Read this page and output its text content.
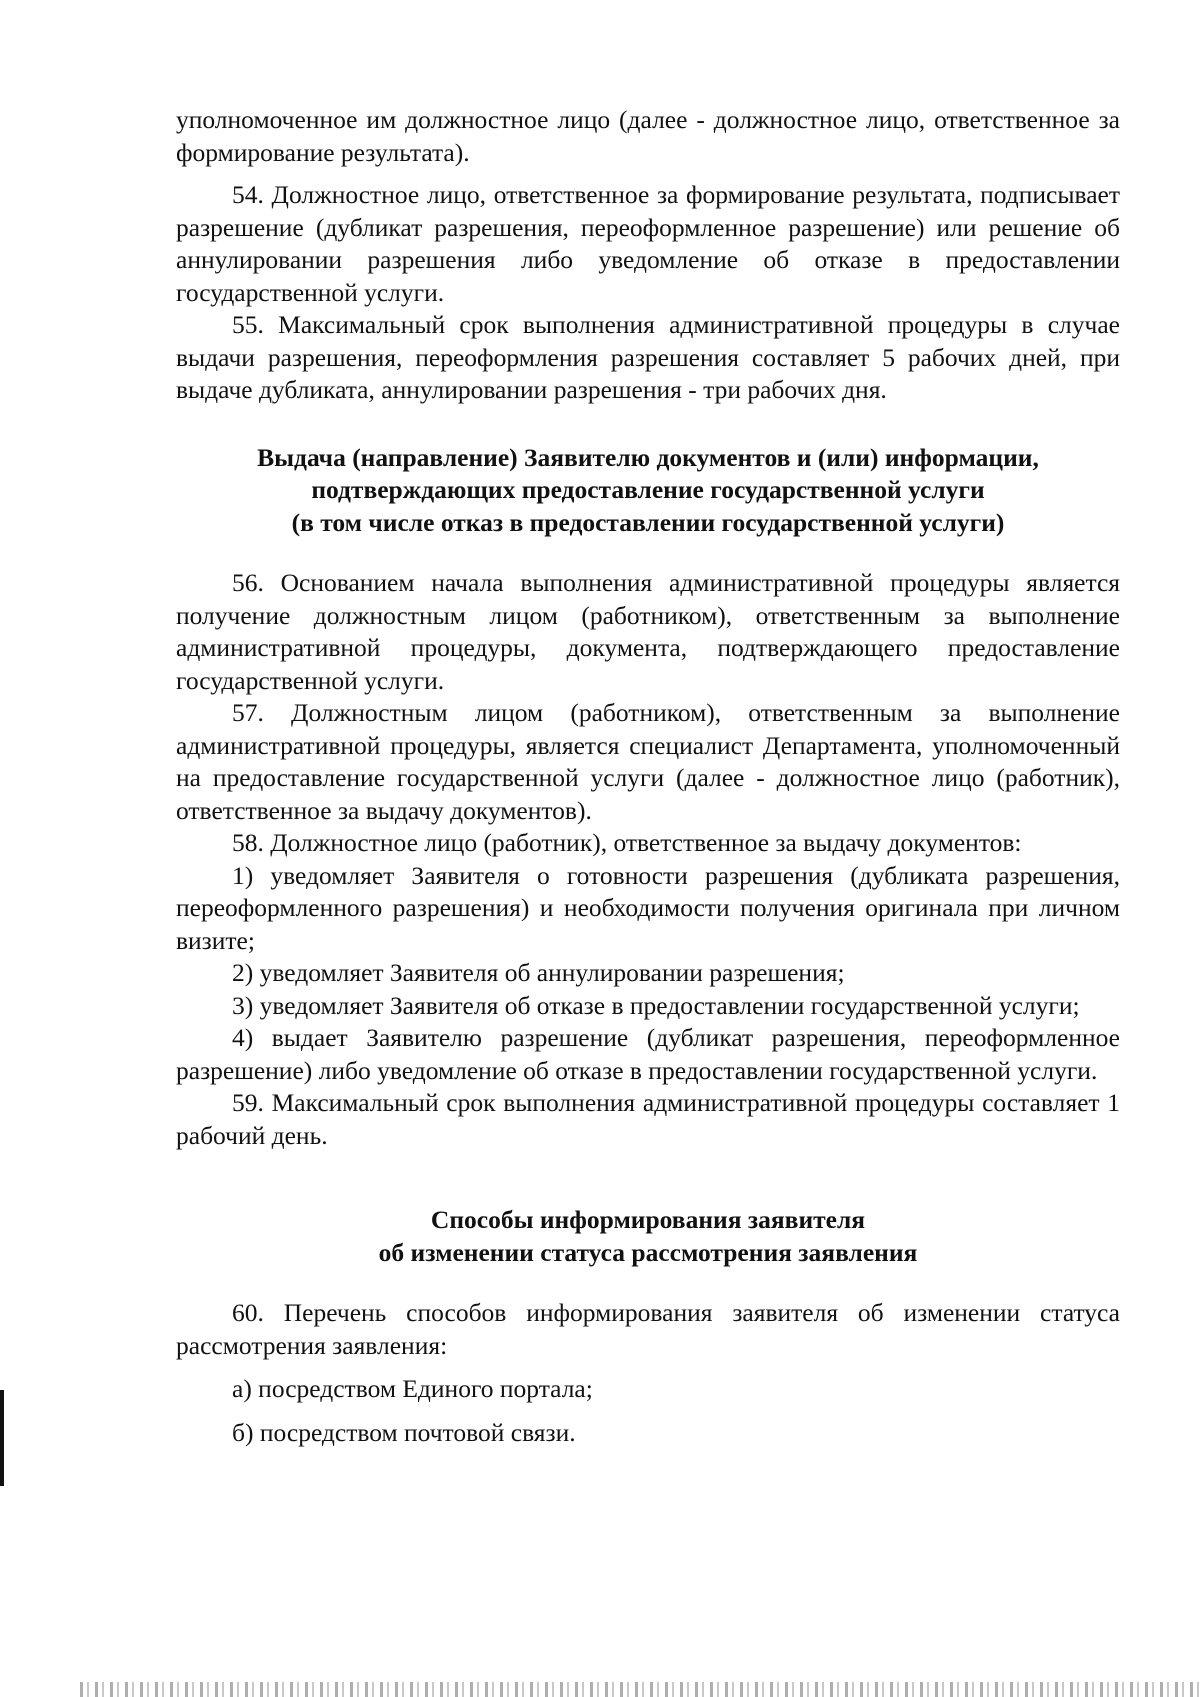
уполномоченное им должностное лицо (далее - должностное лицо, ответственное за формирование результата).

54. Должностное лицо, ответственное за формирование результата, подписывает разрешение (дубликат разрешения, переоформленное разрешение) или решение об аннулировании разрешения либо уведомление об отказе в предоставлении государственной услуги.

55. Максимальный срок выполнения административной процедуры в случае выдачи разрешения, переоформления разрешения составляет 5 рабочих дней, при выдаче дубликата, аннулировании разрешения - три рабочих дня.

Выдача (направление) Заявителю документов и (или) информации,

подтверждающих предоставление государственной услуги

(в том числе отказ в предоставлении государственной услуги)

56. Основанием начала выполнения административной процедуры является получение должностным лицом (работником), ответственным за выполнение административной процедуры, документа, подтверждающего предоставление государственной услуги.

57. Должностным лицом (работником), ответственным за выполнение административной процедуры, является специалист Департамента, уполномоченный на предоставление государственной услуги (далее - должностное лицо (работник), ответственное за выдачу документов).

58. Должностное лицо (работник), ответственное за выдачу документов:

1) уведомляет Заявителя о готовности разрешения (дубликата разрешения, переоформленного разрешения) и необходимости получения оригинала при личном визите;

2) уведомляет Заявителя об аннулировании разрешения;

3) уведомляет Заявителя об отказе в предоставлении государственной услуги;

4) выдает Заявителю разрешение (дубликат разрешения, переоформленное разрешение) либо уведомление об отказе в предоставлении государственной услуги.

59. Максимальный срок выполнения административной процедуры составляет 1 рабочий день.

Способы информирования заявителя

об изменении статуса рассмотрения заявления

60. Перечень способов информирования заявителя об изменении статуса рассмотрения заявления:

а) посредством Единого портала;

б) посредством почтовой связи.
